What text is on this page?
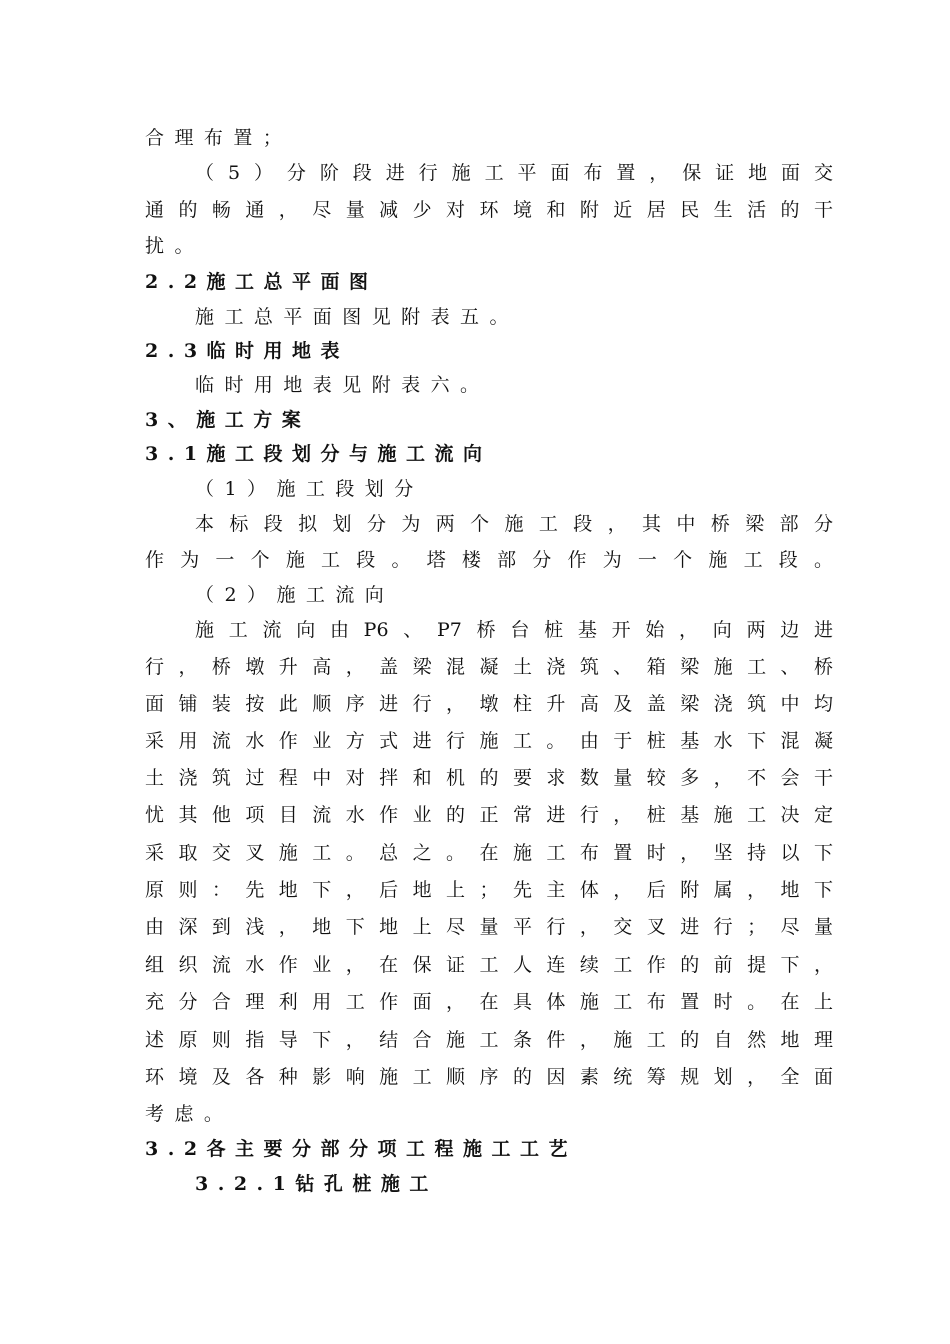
合理布置；
（5）分阶段进行施工平面布置，保证地面交
通的畅通，尽量减少对环境和附近居民生活的干
扰。
2.2施工总平面图
施工总平面图见附表五。
2.3临时用地表
临时用地表见附表六。
3、施工方案
3.1施工段划分与施工流向
（1）施工段划分
本标段拟划分为两个施工段，其中桥梁部分
作为一个施工段。塔楼部分作为一个施工段。
（2）施工流向
施工流向由P6、P7桥台桩基开始，向两边进
行，桥墩升高，盖梁混凝土浇筑、箱梁施工、桥
面铺装按此顺序进行，墩柱升高及盖梁浇筑中均
采用流水作业方式进行施工。由于桩基水下混凝
土浇筑过程中对拌和机的要求数量较多，不会干
忧其他项目流水作业的正常进行，桩基施工决定
采取交叉施工。总之。在施工布置时，坚持以下
原则：先地下，后地上；先主体，后附属，地下
由深到浅，地下地上尽量平行，交叉进行；尽量
组织流水作业，在保证工人连续工作的前提下，
充分合理利用工作面，在具体施工布置时。在上
述原则指导下，结合施工条件，施工的自然地理
环境及各种影响施工顺序的因素统筹规划，全面
考虑。
3.2各主要分部分项工程施工工艺
3.2.1钻孔桩施工
